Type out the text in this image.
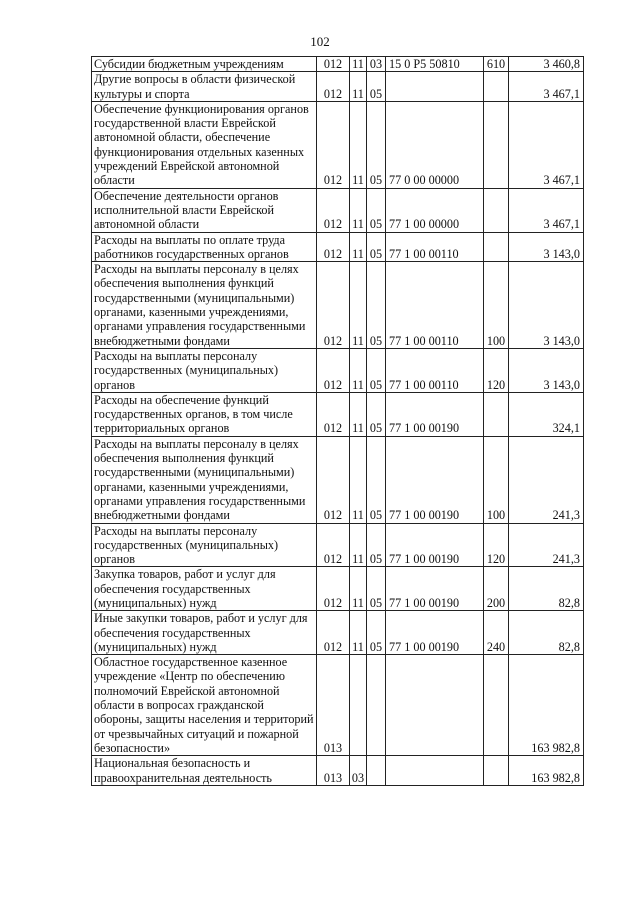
102
Субсидии бюджетным учреждениям	012	11	03	15 0 P5 50810	610	3 460,8
Другие вопросы в области физической культуры и спорта	012	11	05			3 467,1
Обеспечение функционирования органов государственной власти Еврейской автономной области, обеспечение функционирования отдельных казенных учреждений Еврейской автономной области	012	11	05	77 0 00 00000		3 467,1
Обеспечение деятельности органов исполнительной власти Еврейской автономной области	012	11	05	77 1 00 00000		3 467,1
Расходы на выплаты по оплате труда работников государственных органов	012	11	05	77 1 00 00110		3 143,0
Расходы на выплаты персоналу в целях обеспечения выполнения функций государственными (муниципальными) органами, казенными учреждениями, органами управления государственными внебюджетными фондами	012	11	05	77 1 00 00110	100	3 143,0
Расходы на выплаты персоналу государственных (муниципальных) органов	012	11	05	77 1 00 00110	120	3 143,0
Расходы на обеспечение функций государственных органов, в том числе территориальных органов	012	11	05	77 1 00 00190		324,1
Расходы на выплаты персоналу в целях обеспечения выполнения функций государственными (муниципальными) органами, казенными учреждениями, органами управления государственными внебюджетными фондами	012	11	05	77 1 00 00190	100	241,3
Расходы на выплаты персоналу государственных (муниципальных) органов	012	11	05	77 1 00 00190	120	241,3
Закупка товаров, работ и услуг для обеспечения государственных (муниципальных) нужд	012	11	05	77 1 00 00190	200	82,8
Иные закупки товаров, работ и услуг для обеспечения государственных (муниципальных) нужд	012	11	05	77 1 00 00190	240	82,8
Областное государственное казенное учреждение «Центр по обеспечению полномочий Еврейской автономной области в вопросах гражданской обороны, защиты населения и территорий от чрезвычайных ситуаций и пожарной безопасности»	013					163 982,8
Национальная безопасность и правоохранительная деятельность	013	03				163 982,8
